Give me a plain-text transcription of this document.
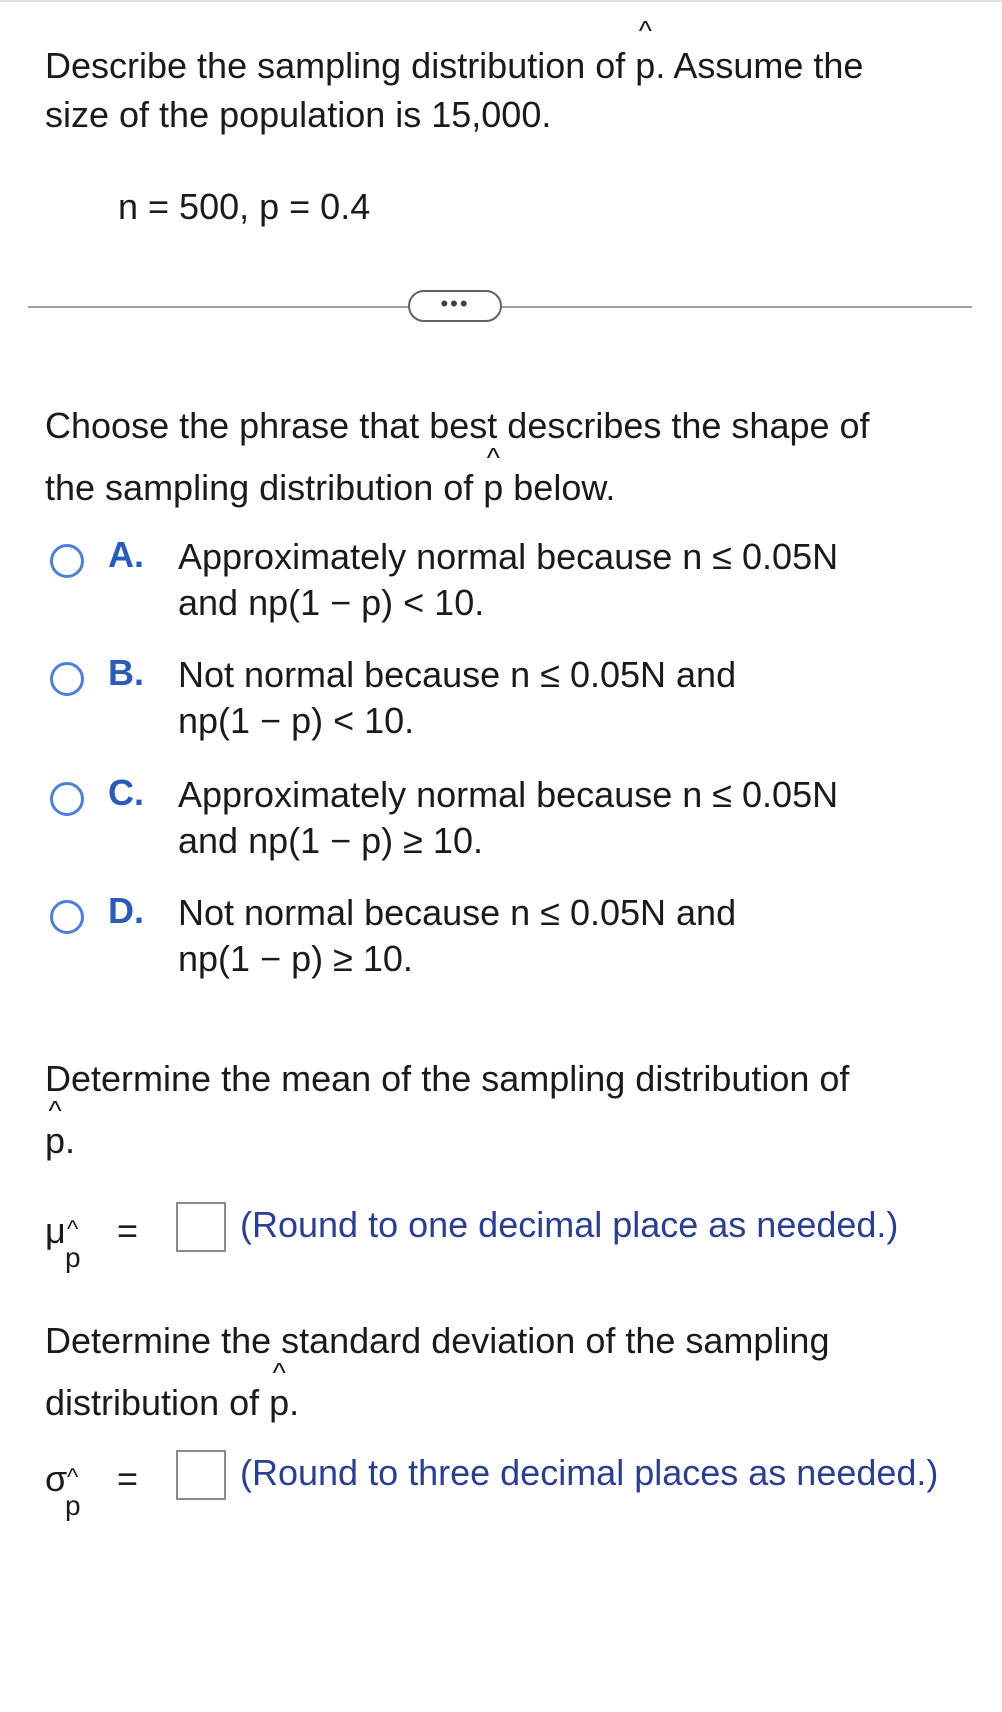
Describe the sampling distribution of ^ p. Assume the
size of the population is 15,000.
n = 500, p = 0.4
•••
Choose the phrase that best describes the shape of
the sampling distribution of ^ p below.
A. Approximately normal because n ≤ 0.05N
and np(1 − p) < 10.
B. Not normal because n ≤ 0.05N and
np(1 − p) < 10.
C. Approximately normal because n ≤ 0.05N
and np(1 − p) ≥ 10.
D. Not normal because n ≤ 0.05N and
np(1 − p) ≥ 10.
Determine the mean of the sampling distribution of
^ p.
μ
^ p
=	(Round to one decimal place as needed.)
Determine the standard deviation of the sampling
distribution of ^ p.
σ
^ p
=	(Round to three decimal places as needed.)
